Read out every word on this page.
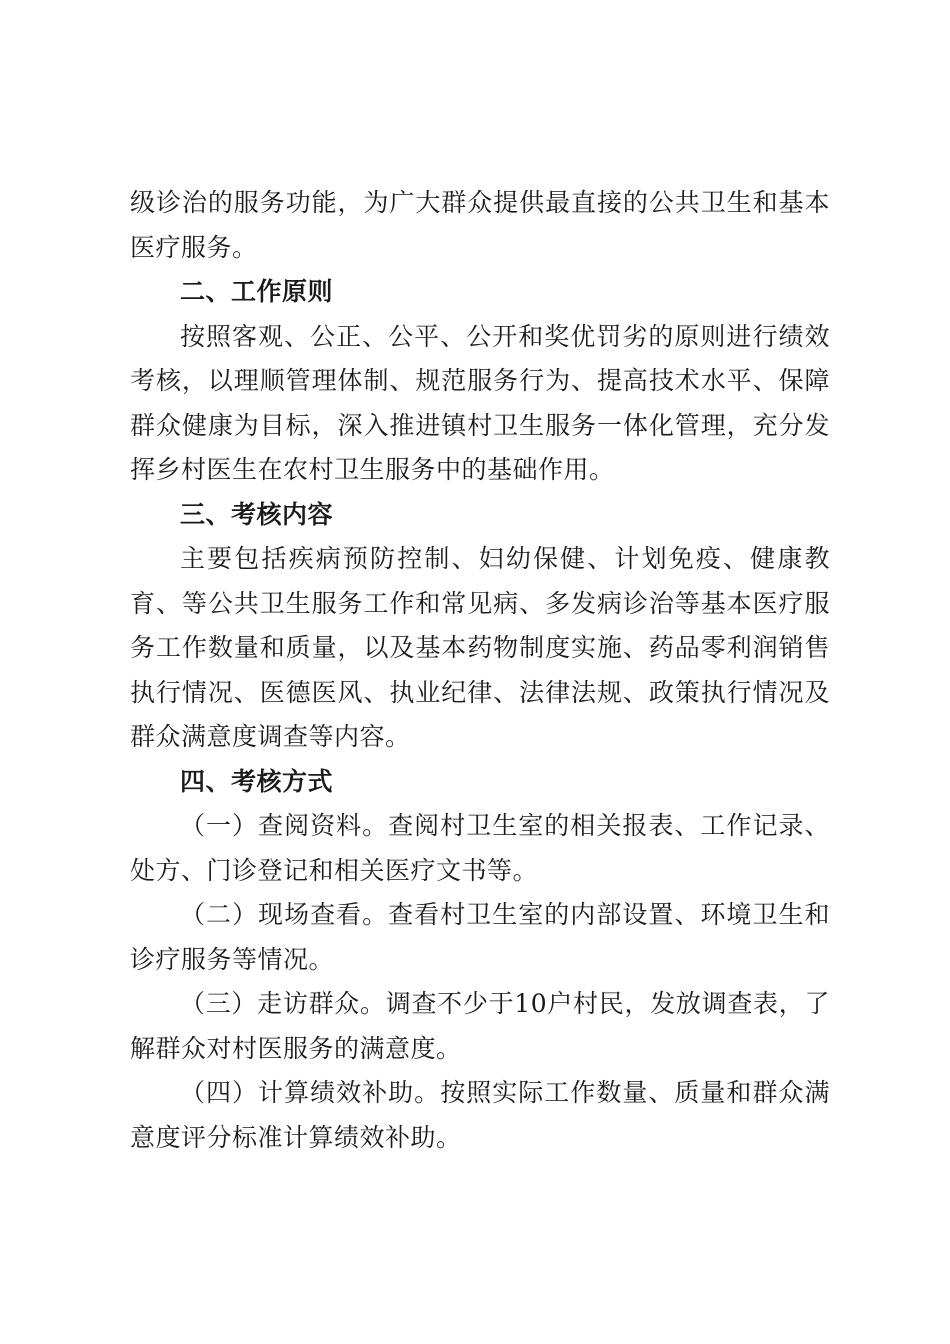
级诊治的服务功能，为广大群众提供最直接的公共卫生和基本医疗服务。

二、工作原则

按照客观、公正、公平、公开和奖优罚劣的原则进行绩效考核，以理顺管理体制、规范服务行为、提高技术水平、保障群众健康为目标，深入推进镇村卫生服务一体化管理，充分发挥乡村医生在农村卫生服务中的基础作用。

三、考核内容

主要包括疾病预防控制、妇幼保健、计划免疫、健康教育、等公共卫生服务工作和常见病、多发病诊治等基本医疗服务工作数量和质量，以及基本药物制度实施、药品零利润销售执行情况、医德医风、执业纪律、法律法规、政策执行情况及群众满意度调查等内容。

四、考核方式

（一）查阅资料。查阅村卫生室的相关报表、工作记录、处方、门诊登记和相关医疗文书等。

（二）现场查看。查看村卫生室的内部设置、环境卫生和诊疗服务等情况。

（三）走访群众。调查不少于10户村民，发放调查表，了解群众对村医服务的满意度。

（四）计算绩效补助。按照实际工作数量、质量和群众满意度评分标准计算绩效补助。
